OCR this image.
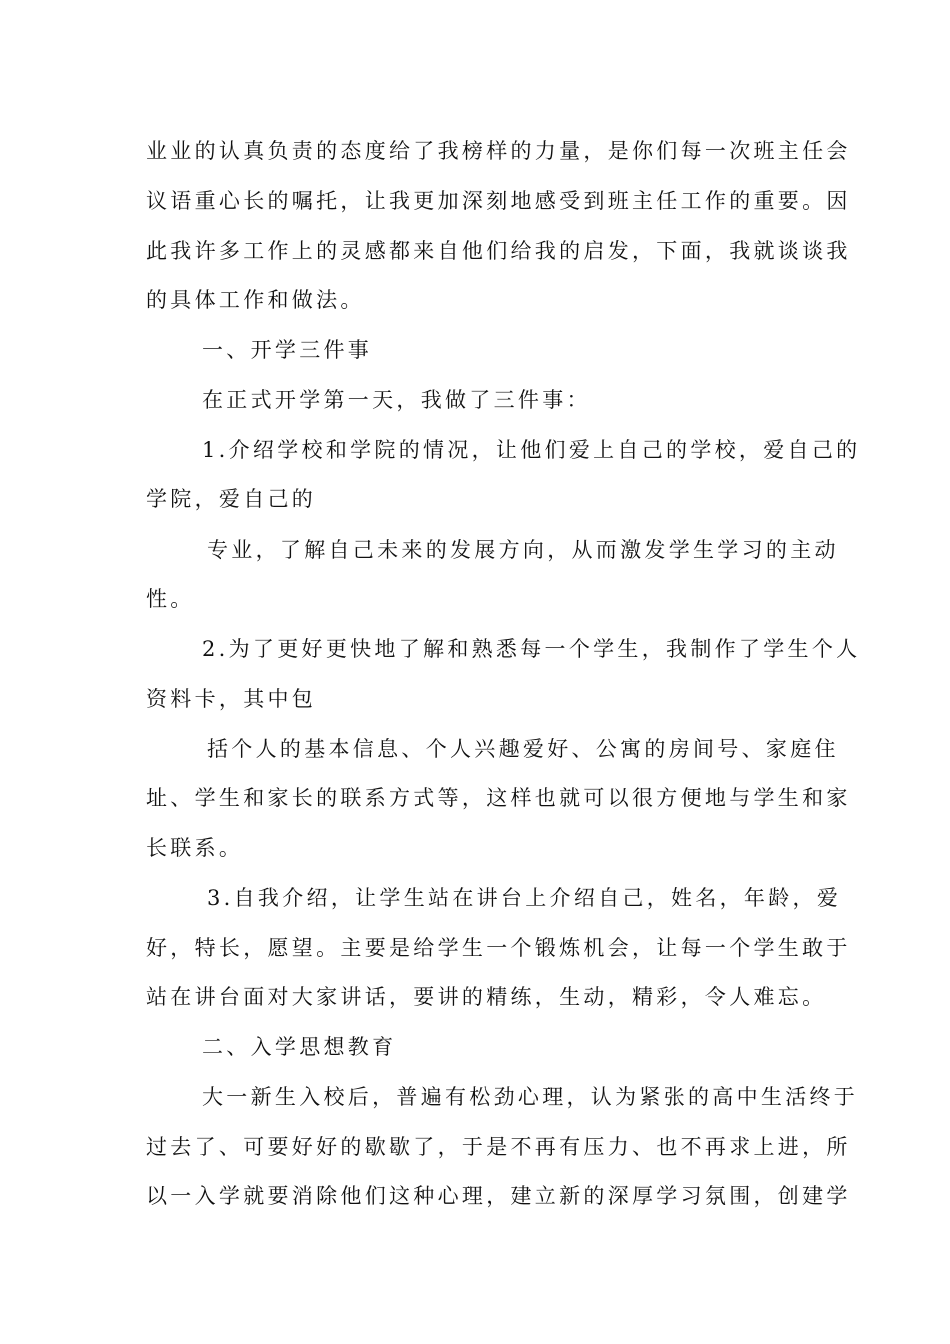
业业的认真负责的态度给了我榜样的力量，是你们每一次班主任会
议语重心长的嘱托，让我更加深刻地感受到班主任工作的重要。因
此我许多工作上的灵感都来自他们给我的启发，下面，我就谈谈我
的具体工作和做法。
一、开学三件事
在正式开学第一天，我做了三件事：
1.介绍学校和学院的情况，让他们爱上自己的学校，爱自己的
学院，爱自己的
专业，了解自己未来的发展方向，从而激发学生学习的主动
性。
2.为了更好更快地了解和熟悉每一个学生，我制作了学生个人
资料卡，其中包
括个人的基本信息、个人兴趣爱好、公寓的房间号、家庭住
址、学生和家长的联系方式等，这样也就可以很方便地与学生和家
长联系。
3.自我介绍，让学生站在讲台上介绍自己，姓名，年龄，爱
好，特长，愿望。主要是给学生一个锻炼机会，让每一个学生敢于
站在讲台面对大家讲话，要讲的精练，生动，精彩，令人难忘。
二、入学思想教育
大一新生入校后，普遍有松劲心理，认为紧张的高中生活终于
过去了、可要好好的歇歇了，于是不再有压力、也不再求上进，所
以一入学就要消除他们这种心理，建立新的深厚学习氛围，创建学
